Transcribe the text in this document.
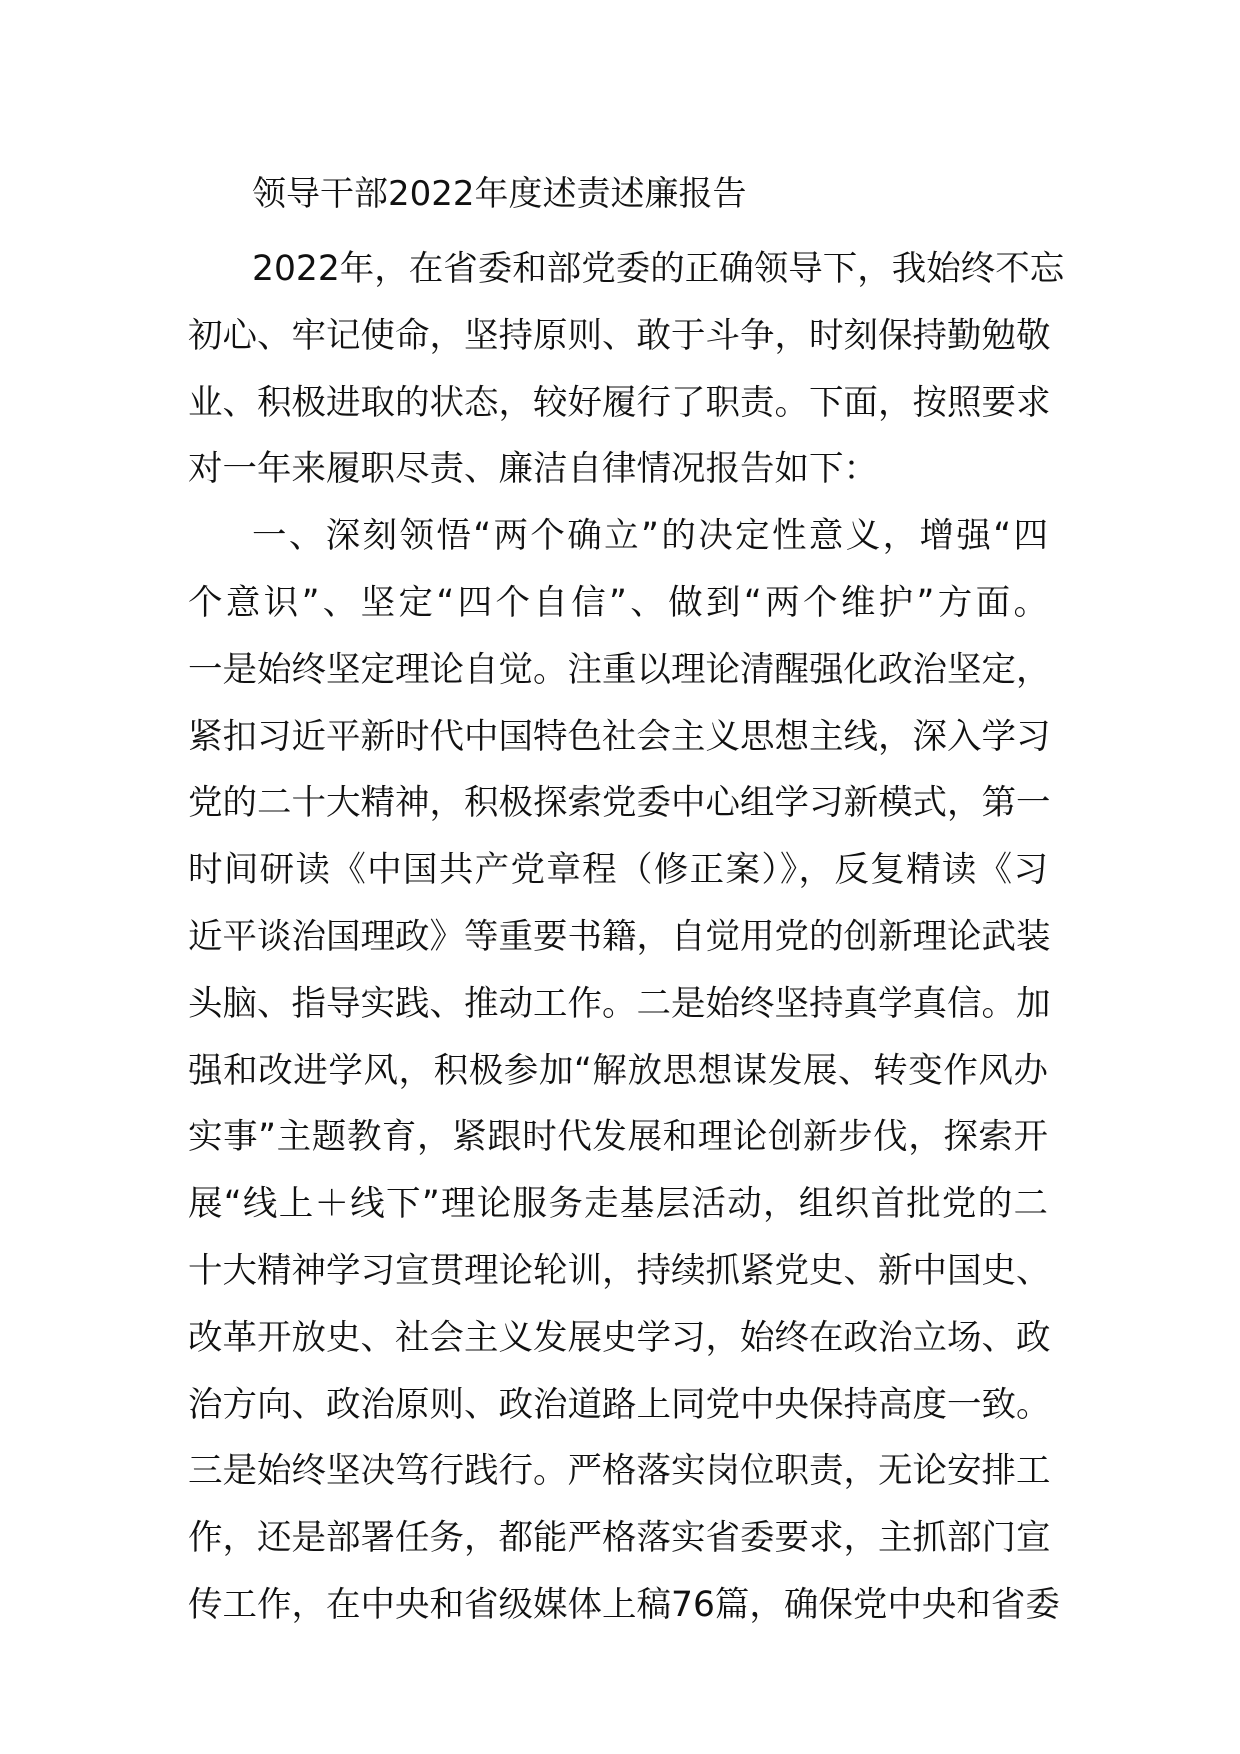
领导干部2022年度述责述廉报告
2022年，在省委和部党委的正确领导下，我始终不忘
初心、牢记使命，坚持原则、敢于斗争，时刻保持勤勉敬
业、积极进取的状态，较好履行了职责。下面，按照要求
对一年来履职尽责、廉洁自律情况报告如下：
一、深刻领悟“两个确立”的决定性意义，增强“四
个意识”、坚定“四个自信”、做到“两个维护”方面。
一是始终坚定理论自觉。注重以理论清醒强化政治坚定，
紧扣习近平新时代中国特色社会主义思想主线，深入学习
党的二十大精神，积极探索党委中心组学习新模式，第一
时间研读《中国共产党章程（修正案）》，反复精读《习
近平谈治国理政》等重要书籍，自觉用党的创新理论武装
头脑、指导实践、推动工作。二是始终坚持真学真信。加
强和改进学风，积极参加“解放思想谋发展、转变作风办
实事”主题教育，紧跟时代发展和理论创新步伐，探索开
展“线上＋线下”理论服务走基层活动，组织首批党的二
十大精神学习宣贯理论轮训，持续抓紧党史、新中国史、
改革开放史、社会主义发展史学习，始终在政治立场、政
治方向、政治原则、政治道路上同党中央保持高度一致。
三是始终坚决笃行践行。严格落实岗位职责，无论安排工
作，还是部署任务，都能严格落实省委要求，主抓部门宣
传工作，在中央和省级媒体上稿76篇，确保党中央和省委
